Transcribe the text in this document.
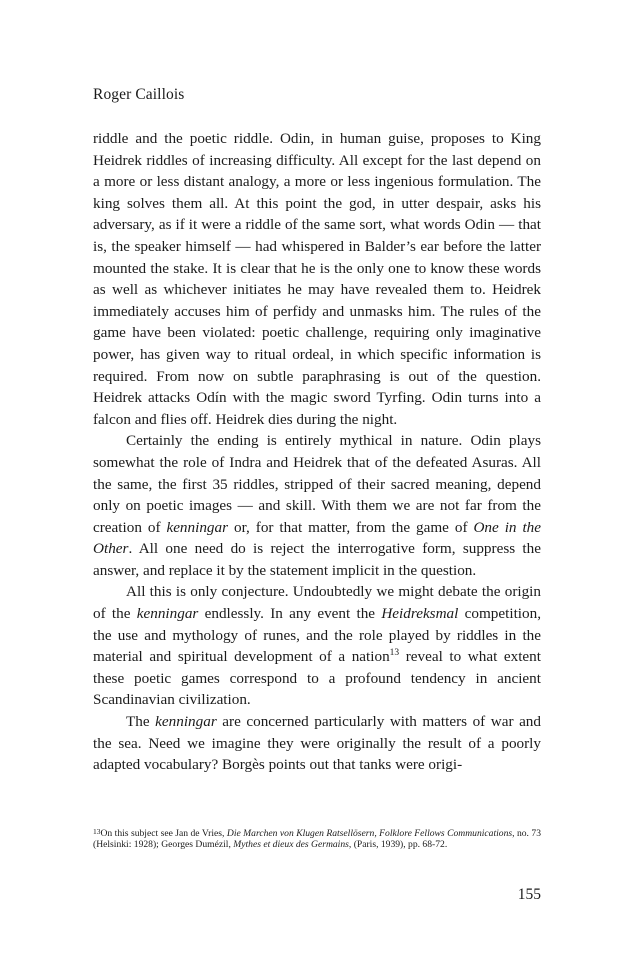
Roger Caillois

riddle and the poetic riddle. Odin, in human guise, proposes to King Heidrek riddles of increasing difficulty. All except for the last depend on a more or less distant analogy, a more or less ingenious formulation. The king solves them all. At this point the god, in utter despair, asks his adversary, as if it were a riddle of the same sort, what words Odin — that is, the speaker himself — had whispered in Balder’s ear before the latter mounted the stake. It is clear that he is the only one to know these words as well as whichever initiates he may have revealed them to. Heidrek immediately accuses him of perfidy and unmasks him. The rules of the game have been violated: poetic challenge, requiring only imaginative power, has given way to ritual ordeal, in which specific information is required. From now on subtle paraphrasing is out of the question. Heidrek attacks Odín with the magic sword Tyrfing. Odin turns into a falcon and flies off. Heidrek dies during the night.

Certainly the ending is entirely mythical in nature. Odin plays somewhat the role of Indra and Heidrek that of the defeated Asuras. All the same, the first 35 riddles, stripped of their sacred meaning, depend only on poetic images — and skill. With them we are not far from the creation of kenningar or, for that matter, from the game of One in the Other. All one need do is reject the interrogative form, suppress the answer, and replace it by the statement implicit in the question.

All this is only conjecture. Undoubtedly we might debate the origin of the kenningar endlessly. In any event the Heidreksmal competition, the use and mythology of runes, and the role played by riddles in the material and spiritual development of a nation$^{13}$ reveal to what extent these poetic games correspond to a profound tendency in ancient Scandinavian civilization.

The kenningar are concerned particularly with matters of war and the sea. Need we imagine they were originally the result of a poorly adapted vocabulary? Borgès points out that tanks were origi-

$^{13}$On this subject see Jan de Vries, Die Marchen von Klugen Ratsellösern, Folklore Fellows Communications, no. 73 (Helsinki: 1928); Georges Dumézil, Mythes et dieux des Germains, (Paris, 1939), pp. 68-72.
155
